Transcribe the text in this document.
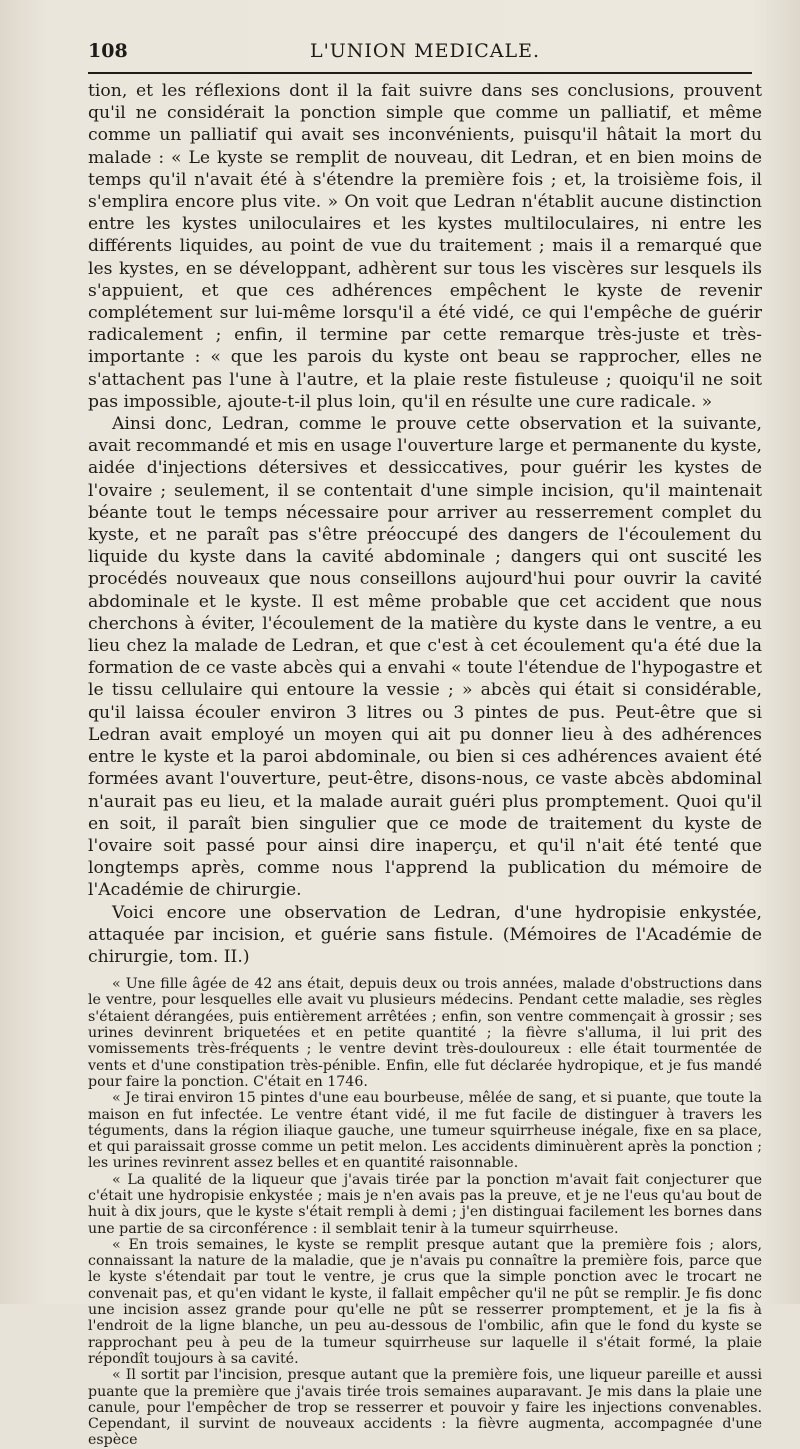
108	L'UNION MEDICALE.

tion, et les réflexions dont il la fait suivre dans ses conclusions, prouvent qu'il ne considérait la ponction simple que comme un palliatif, et même comme un palliatif qui avait ses inconvénients, puisqu'il hâtait la mort du malade : « Le kyste se remplit de nouveau, dit Ledran, et en bien moins de temps qu'il n'avait été à s'étendre la première fois ; et, la troisième fois, il s'emplira encore plus vite. » On voit que Ledran n'établit aucune distinction entre les kystes uniloculaires et les kystes multiloculaires, ni entre les différents liquides, au point de vue du traitement ; mais il a remarqué que les kystes, en se développant, adhèrent sur tous les viscères sur lesquels ils s'appuient, et que ces adhérences empêchent le kyste de revenir complétement sur lui-même lorsqu'il a été vidé, ce qui l'empêche de guérir radicalement ; enfin, il termine par cette remarque très-juste et très-importante : « que les parois du kyste ont beau se rapprocher, elles ne s'attachent pas l'une à l'autre, et la plaie reste fistuleuse ; quoiqu'il ne soit pas impossible, ajoute-t-il plus loin, qu'il en résulte une cure radicale. »

Ainsi donc, Ledran, comme le prouve cette observation et la suivante, avait recommandé et mis en usage l'ouverture large et permanente du kyste, aidée d'injections détersives et dessiccatives, pour guérir les kystes de l'ovaire ; seulement, il se contentait d'une simple incision, qu'il maintenait béante tout le temps nécessaire pour arriver au resserrement complet du kyste, et ne paraît pas s'être préoccupé des dangers de l'écoulement du liquide du kyste dans la cavité abdominale ; dangers qui ont suscité les procédés nouveaux que nous conseillons aujourd'hui pour ouvrir la cavité abdominale et le kyste. Il est même probable que cet accident que nous cherchons à éviter, l'écoulement de la matière du kyste dans le ventre, a eu lieu chez la malade de Ledran, et que c'est à cet écoulement qu'a été due la formation de ce vaste abcès qui a envahi « toute l'étendue de l'hypogastre et le tissu cellulaire qui entoure la vessie ; » abcès qui était si considérable, qu'il laissa écouler environ 3 litres ou 3 pintes de pus. Peut-être que si Ledran avait employé un moyen qui ait pu donner lieu à des adhérences entre le kyste et la paroi abdominale, ou bien si ces adhérences avaient été formées avant l'ouverture, peut-être, disons-nous, ce vaste abcès abdominal n'aurait pas eu lieu, et la malade aurait guéri plus promptement. Quoi qu'il en soit, il paraît bien singulier que ce mode de traitement du kyste de l'ovaire soit passé pour ainsi dire inaperçu, et qu'il n'ait été tenté que longtemps après, comme nous l'apprend la publication du mémoire de l'Académie de chirurgie.

Voici encore une observation de Ledran, d'une hydropisie enkystée, attaquée par incision, et guérie sans fistule. (Mémoires de l'Académie de chirurgie, tom. II.)

« Une fille âgée de 42 ans était, depuis deux ou trois années, malade d'obstructions dans le ventre, pour lesquelles elle avait vu plusieurs médecins. Pendant cette maladie, ses règles s'étaient dérangées, puis entièrement arrêtées ; enfin, son ventre commençait à grossir ; ses urines devinrent briquetées et en petite quantité ; la fièvre s'alluma, il lui prit des vomissements très-fréquents ; le ventre devint très-douloureux : elle était tourmentée de vents et d'une constipation très-pénible. Enfin, elle fut déclarée hydropique, et je fus mandé pour faire la ponction. C'était en 1746.

« Je tirai environ 15 pintes d'une eau bourbeuse, mêlée de sang, et si puante, que toute la maison en fut infectée. Le ventre étant vidé, il me fut facile de distinguer à travers les téguments, dans la région iliaque gauche, une tumeur squirrheuse inégale, fixe en sa place, et qui paraissait grosse comme un petit melon. Les accidents diminuèrent après la ponction ; les urines revinrent assez belles et en quantité raisonnable.

« La qualité de la liqueur que j'avais tirée par la ponction m'avait fait conjecturer que c'était une hydropisie enkystée ; mais je n'en avais pas la preuve, et je ne l'eus qu'au bout de huit à dix jours, que le kyste s'était rempli à demi ; j'en distinguai facilement les bornes dans une partie de sa circonférence : il semblait tenir à la tumeur squirrheuse.

« En trois semaines, le kyste se remplit presque autant que la première fois ; alors, connaissant la nature de la maladie, que je n'avais pu connaître la première fois, parce que le kyste s'étendait par tout le ventre, je crus que la simple ponction avec le trocart ne convenait pas, et qu'en vidant le kyste, il fallait empêcher qu'il ne pût se remplir. Je fis donc une incision assez grande pour qu'elle ne pût se resserrer promptement, et je la fis à l'endroit de la ligne blanche, un peu au-dessous de l'ombilic, afin que le fond du kyste se rapprochant peu à peu de la tumeur squirrheuse sur laquelle il s'était formé, la plaie répondît toujours à sa cavité.

« Il sortit par l'incision, presque autant que la première fois, une liqueur pareille et aussi puante que la première que j'avais tirée trois semaines auparavant. Je mis dans la plaie une canule, pour l'empêcher de trop se resserrer et pouvoir y faire les injections convenables. Cependant, il survint de nouveaux accidents : la fièvre augmenta, accompagnée d'une espèce
